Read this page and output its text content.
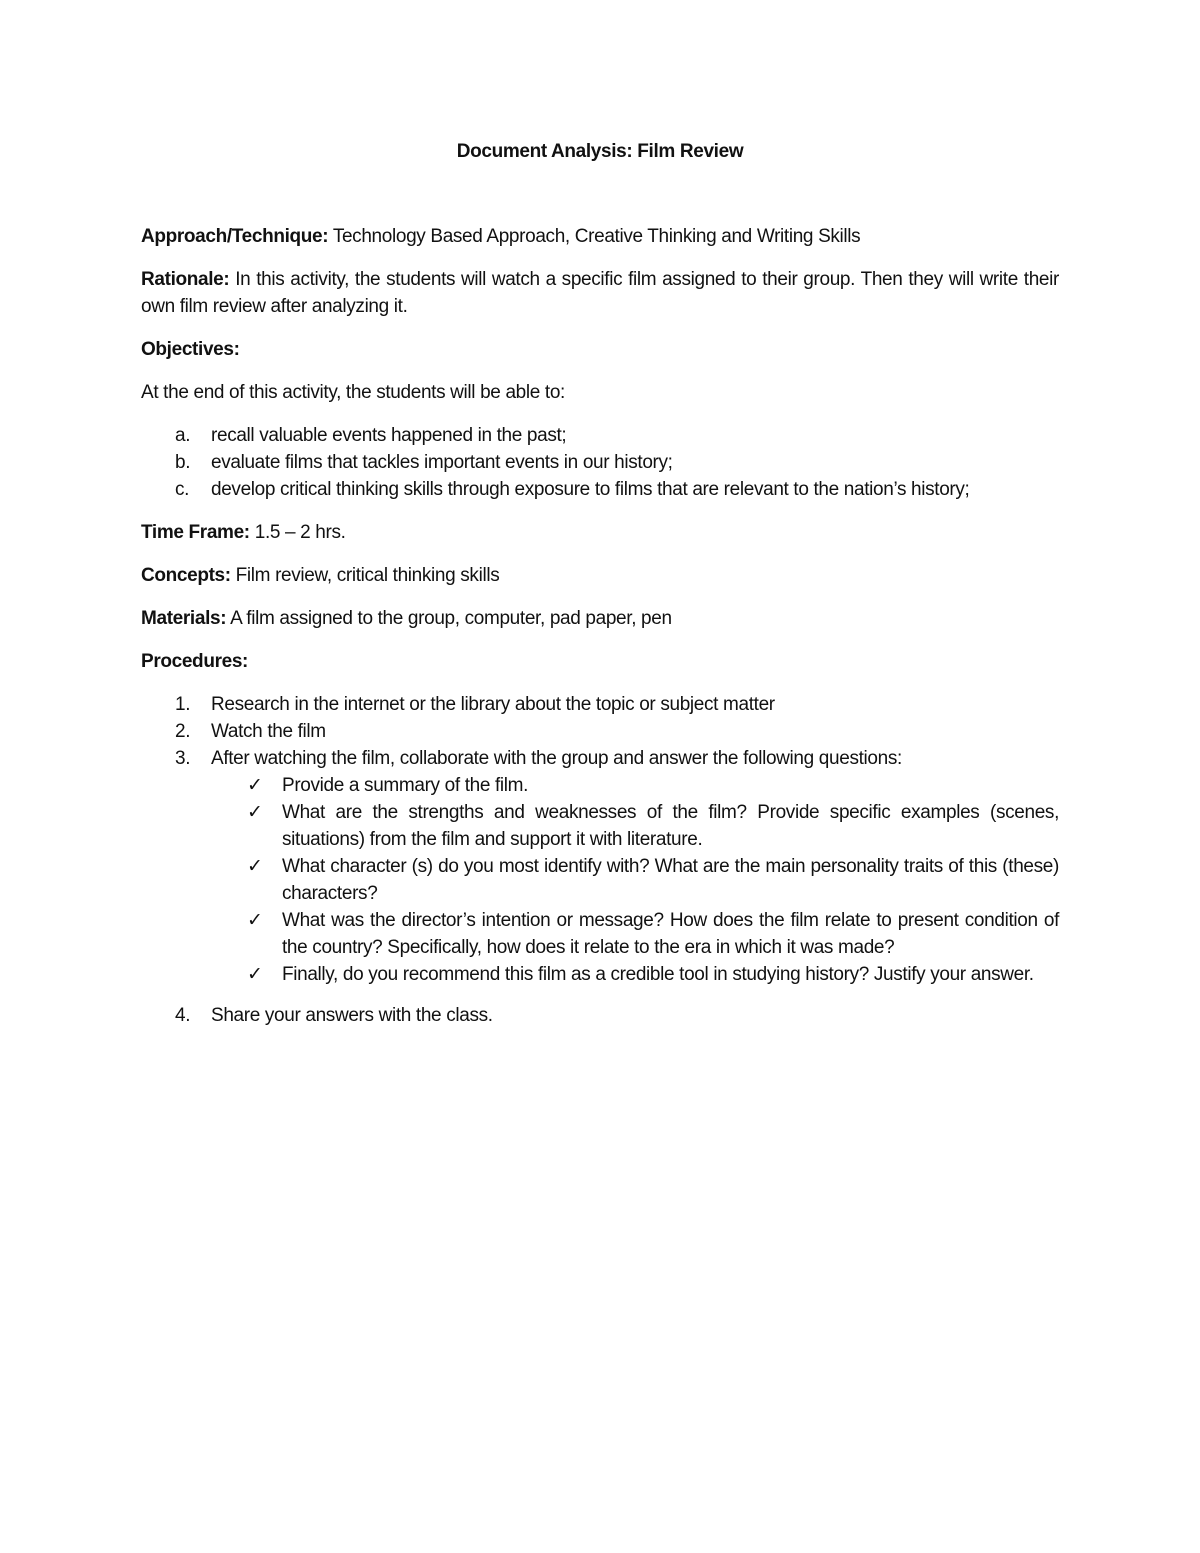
Document Analysis: Film Review
Approach/Technique: Technology Based Approach, Creative Thinking and Writing Skills
Rationale: In this activity, the students will watch a specific film assigned to their group. Then they will write their own film review after analyzing it.
Objectives:
At the end of this activity, the students will be able to:
a. recall valuable events happened in the past;
b. evaluate films that tackles important events in our history;
c. develop critical thinking skills through exposure to films that are relevant to the nation’s history;
Time Frame: 1.5 – 2 hrs.
Concepts: Film review, critical thinking skills
Materials: A film assigned to the group, computer, pad paper, pen
Procedures:
1. Research in the internet or the library about the topic or subject matter
2. Watch the film
3. After watching the film, collaborate with the group and answer the following questions:
✓ Provide a summary of the film.
✓ What are the strengths and weaknesses of the film? Provide specific examples (scenes, situations) from the film and support it with literature.
✓ What character (s) do you most identify with? What are the main personality traits of this (these) characters?
✓ What was the director’s intention or message? How does the film relate to present condition of the country? Specifically, how does it relate to the era in which it was made?
✓ Finally, do you recommend this film as a credible tool in studying history? Justify your answer.
4. Share your answers with the class.
